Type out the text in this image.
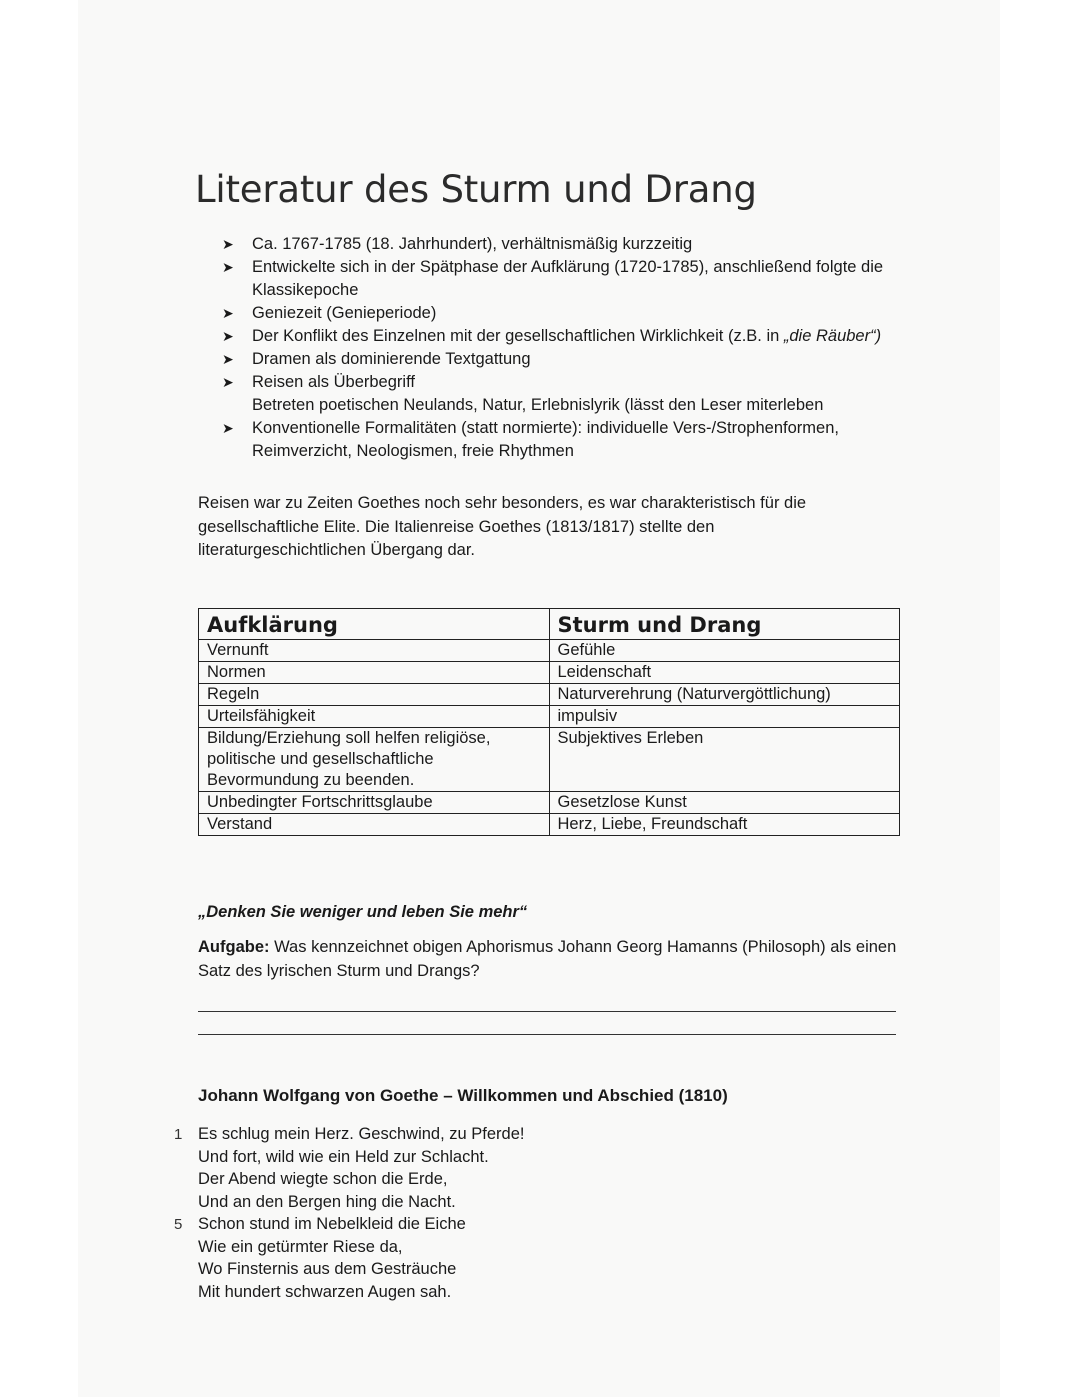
Literatur des Sturm und Drang
➤	Ca. 1767-1785 (18. Jahrhundert), verhältnismäßig kurzzeitig
➤	Entwickelte sich in der Spätphase der Aufklärung (1720-1785), anschließend folgte die Klassikepoche
➤	Geniezeit (Genieperiode)
➤	Der Konflikt des Einzelnen mit der gesellschaftlichen Wirklichkeit (z.B. in „die Räuber“)
➤	Dramen als dominierende Textgattung
➤	Reisen als Überbegriff
Betreten poetischen Neulands, Natur, Erlebnislyrik (lässt den Leser miterleben
➤	Konventionelle Formalitäten (statt normierte): individuelle Vers-/Strophenformen, Reimverzicht, Neologismen, freie Rhythmen

Reisen war zu Zeiten Goethes noch sehr besonders, es war charakteristisch für die gesellschaftliche Elite. Die Italienreise Goethes (1813/1817) stellte den literaturgeschichtlichen Übergang dar.

Aufklärung	Sturm und Drang
Vernunft	Gefühle
Normen	Leidenschaft
Regeln	Naturverehrung (Naturvergöttlichung)
Urteilsfähigkeit	impulsiv
Bildung/Erziehung soll helfen religiöse, politische und gesellschaftliche Bevormundung zu beenden.	Subjektives Erleben
Unbedingter Fortschrittsglaube	Gesetzlose Kunst
Verstand	Herz, Liebe, Freundschaft
„Denken Sie weniger und leben Sie mehr“
Aufgabe: Was kennzeichnet obigen Aphorismus Johann Georg Hamanns (Philosoph) als einen Satz des lyrischen Sturm und Drangs?
Johann Wolfgang von Goethe – Willkommen und Abschied (1810)
1
5
Es schlug mein Herz. Geschwind, zu Pferde!
Und fort, wild wie ein Held zur Schlacht.
Der Abend wiegte schon die Erde,
Und an den Bergen hing die Nacht.
Schon stund im Nebelkleid die Eiche
Wie ein getürmter Riese da,
Wo Finsternis aus dem Gesträuche
Mit hundert schwarzen Augen sah.
